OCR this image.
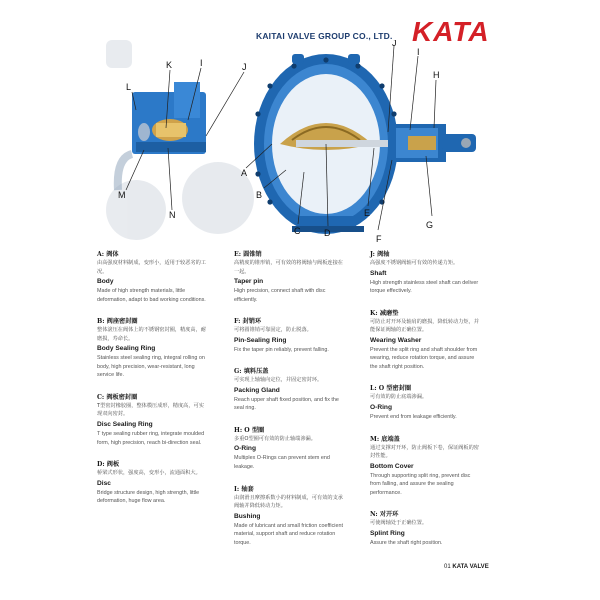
KAITAI VALVE GROUP CO., LTD. KATA
A
B
C	D
E
F
G
H
I
J
K
L
M
N
J
I
A: 阀体
由高强度材料制成，变形小，适用于较恶劣的工况。
Body
Made of high strength materials, little deformation, adapt to bad working conditions.
B: 阀座密封圈
整体滚压在阀体上的不锈钢密封圈，精度高，耐磨损，寿命长。
Body Sealing Ring
Stainless steel sealing ring, integral rolling on body, high precision, wear-resistant, long service life.
C: 阀板密封圈
T型密封橡胶圈，整体模压成形，精度高，可实现双向密封。
Disc Sealing Ring
T type sealing rubber ring, integrate moulded form, high precision, reach bi-direction seal.
D: 阀板
桥梁式形状，强度高，变形小，流通面积大。
Disc
Bridge structure design, high strength, little deformation, huge flow area.
E: 圆锥销
高精度的锥形销，可有效的将阀轴与阀板连接在一起。
Taper pin
High precision, connect shaft with disc efficiently.
F: 封销环
可将圆锥销可靠固定，防止脱落。
Pin-Sealing Ring
Fix the taper pin reliably, prevent falling.
G: 填料压盖
可实现上轴轴向定位，并固定密封环。
Packing Gland
Reach upper shaft fixed position, and fix the seal ring.
H: O 型圈
多重O型圈可有效的防止轴端渗漏。
O-Ring
Multiplex O-Rings can prevent stem end leakage.
I: 轴套
由润滑且摩擦系数小的材料制成，可有效的支承阀轴并降低转动力矩。
Bushing
Made of lubricant and small friction coefficient material, support shaft and reduce rotation torque.
J: 阀轴
高强度不锈钢阀轴可有效的传递力矩。
Shaft
High strength stainless steel shaft can deliver torque effectively.
K: 减磨垫
可防止对开环及轴肩的磨损，降低转动力矩，并能保证阀轴的正确位置。
Wearing Washer
Prevent the split ring and shaft shoulder from wearing, reduce rotation torque, and assure the shaft right position.
L: O 型密封圈
可有效的防止底端渗漏。
O-Ring
Prevent end from leakage efficiently.
M: 底端盖
通过支撑对开环，防止阀板下卷，保证阀板的密封性能。
Bottom Cover
Through supporting split ring, prevent disc from falling, and assure the sealing performance.
N: 对开环
可使阀轴处于正确位置。
Splint Ring
Assure the shaft right position.
01 KATA VALVE
